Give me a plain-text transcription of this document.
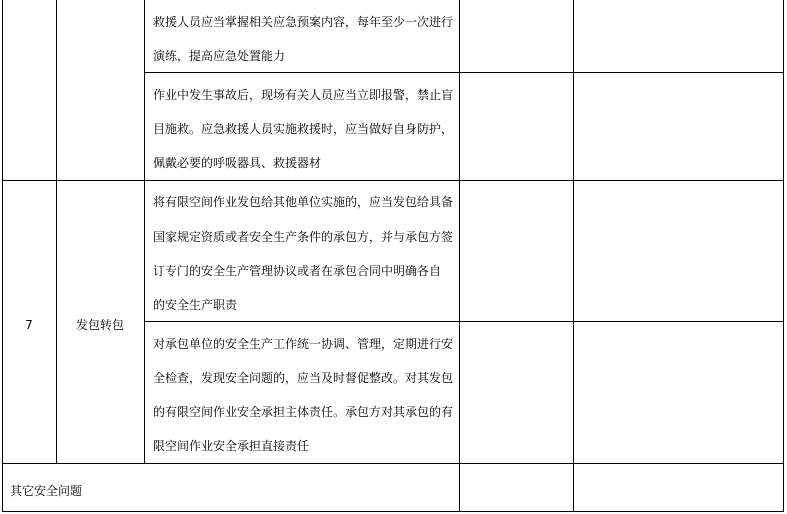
救援人员应当掌握相关应急预案内容，每年至少一次进行
演练，提高应急处置能力
作业中发生事故后，现场有关人员应当立即报警，禁止盲
目施救。应急救援人员实施救援时，应当做好自身防护，
佩戴必要的呼吸器具、救援器材
7	发包转包
将有限空间作业发包给其他单位实施的，应当发包给具备
国家规定资质或者安全生产条件的承包方，并与承包方签
订专门的安全生产管理协议或者在承包合同中明确各自
的安全生产职责
对承包单位的安全生产工作统一协调、管理，定期进行安
全检查，发现安全问题的，应当及时督促整改。对其发包
的有限空间作业安全承担主体责任。承包方对其承包的有
限空间作业安全承担直接责任
其它安全问题
